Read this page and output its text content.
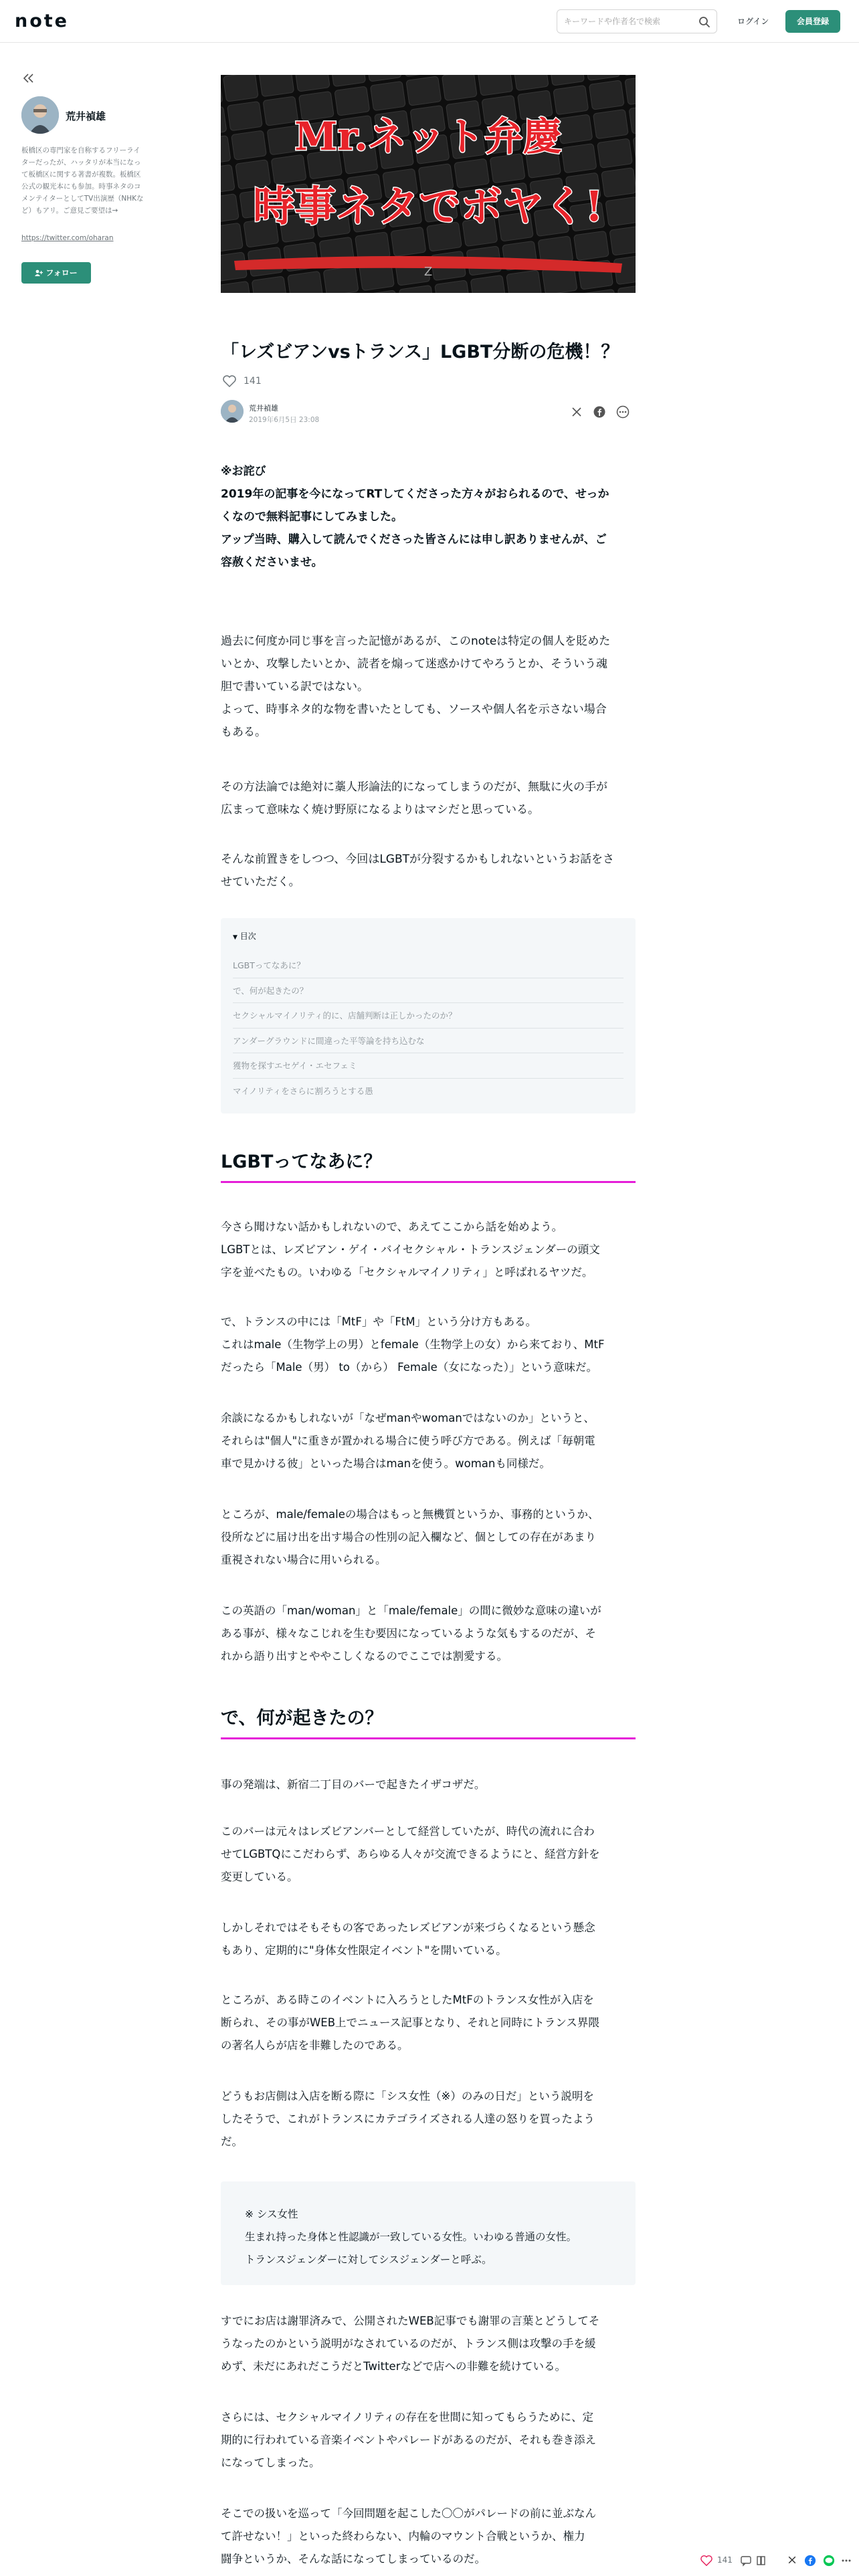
note
キーワードや作者名で検索	ログイン	会員登録
荒井禎雄
板橋区の専門家を自称するフリーライターだったが、ハッタリが本当になって板橋区に関する著書が複数。板橋区公式の観光本にも参加。時事ネタのコメンテイターとしてTV出演歴（NHKなど）もアリ。ご意見ご要望は→
https://twitter.com/oharan
フォロー	Z
Mr.ネット弁慶
時事ネタでボヤく!
「レズビアンvsトランス」LGBT分断の危機！？
141
荒井禎雄
2019年6月5日 23:08
※お詫び
2019年の記事を今になってRTしてくださった方々がおられるので、せっか
くなので無料記事にしてみました。
アップ当時、購入して読んでくださった皆さんには申し訳ありませんが、ご
容赦くださいませ。
過去に何度か同じ事を言った記憶があるが、このnoteは特定の個人を貶めた
いとか、攻撃したいとか、読者を煽って迷惑かけてやろうとか、そういう魂
胆で書いている訳ではない。
よって、時事ネタ的な物を書いたとしても、ソースや個人名を示さない場合
もある。
その方法論では絶対に藁人形論法的になってしまうのだが、無駄に火の手が
広まって意味なく焼け野原になるよりはマシだと思っている。
そんな前置きをしつつ、今回はLGBTが分裂するかもしれないというお話をさ
せていただく。
▼ 目次
LGBTってなあに？
で、何が起きたの？
セクシャルマイノリティ的に、店舗判断は正しかったのか？
アンダーグラウンドに間違った平等論を持ち込むな
獲物を探すエセゲイ・エセフェミ
マイノリティをさらに割ろうとする愚
LGBTってなあに？
今さら聞けない話かもしれないので、あえてここから話を始めよう。
LGBTとは、レズビアン・ゲイ・バイセクシャル・トランスジェンダーの頭文
字を並べたもの。いわゆる「セクシャルマイノリティ」と呼ばれるヤツだ。
で、トランスの中には「MtF」や「FtM」という分け方もある。
これはmale（生物学上の男）とfemale（生物学上の女）から来ており、MtF
だったら「Male（男） to（から） Female（女になった）」という意味だ。
余談になるかもしれないが「なぜmanやwomanではないのか」というと、
それらは"個人"に重きが置かれる場合に使う呼び方である。例えば「毎朝電
車で見かける彼」といった場合はmanを使う。womanも同様だ。
ところが、male/femaleの場合はもっと無機質というか、事務的というか、
役所などに届け出を出す場合の性別の記入欄など、個としての存在があまり
重視されない場合に用いられる。
この英語の「man/woman」と「male/female」の間に微妙な意味の違いが
ある事が、様々なこじれを生む要因になっているような気もするのだが、そ
れから語り出すとややこしくなるのでここでは割愛する。
で、何が起きたの？
事の発端は、新宿二丁目のバーで起きたイザコザだ。
このバーは元々はレズビアンバーとして経営していたが、時代の流れに合わ
せてLGBTQにこだわらず、あらゆる人々が交流できるようにと、経営方針を
変更している。
しかしそれではそもそもの客であったレズビアンが来づらくなるという懸念
もあり、定期的に"身体女性限定イベント"を開いている。
ところが、ある時このイベントに入ろうとしたMtFのトランス女性が入店を
断られ、その事がWEB上でニュース記事となり、それと同時にトランス界隈
の著名人らが店を非難したのである。
どうもお店側は入店を断る際に「シス女性（※）のみの日だ」という説明を
したそうで、これがトランスにカテゴライズされる人達の怒りを買ったよう
だ。

※ シス女性

生まれ持った身体と性認識が一致している女性。いわゆる普通の女性。

トランスジェンダーに対してシスジェンダーと呼ぶ。

すでにお店は謝罪済みで、公開されたWEB記事でも謝罪の言葉とどうしてそ
うなったのかという説明がなされているのだが、トランス側は攻撃の手を緩
めず、未だにあれだこうだとTwitterなどで店への非難を続けている。
さらには、セクシャルマイノリティの存在を世間に知ってもらうために、定
期的に行われている音楽イベントやパレードがあるのだが、それも巻き添え
になってしまった。
そこでの扱いを巡って「今回問題を起こした〇〇がパレードの前に並ぶなん
て許せない！」といった終わらない、内輪のマウント合戦というか、権力
闘争というか、そんな話になってしまっているのだ。	141
